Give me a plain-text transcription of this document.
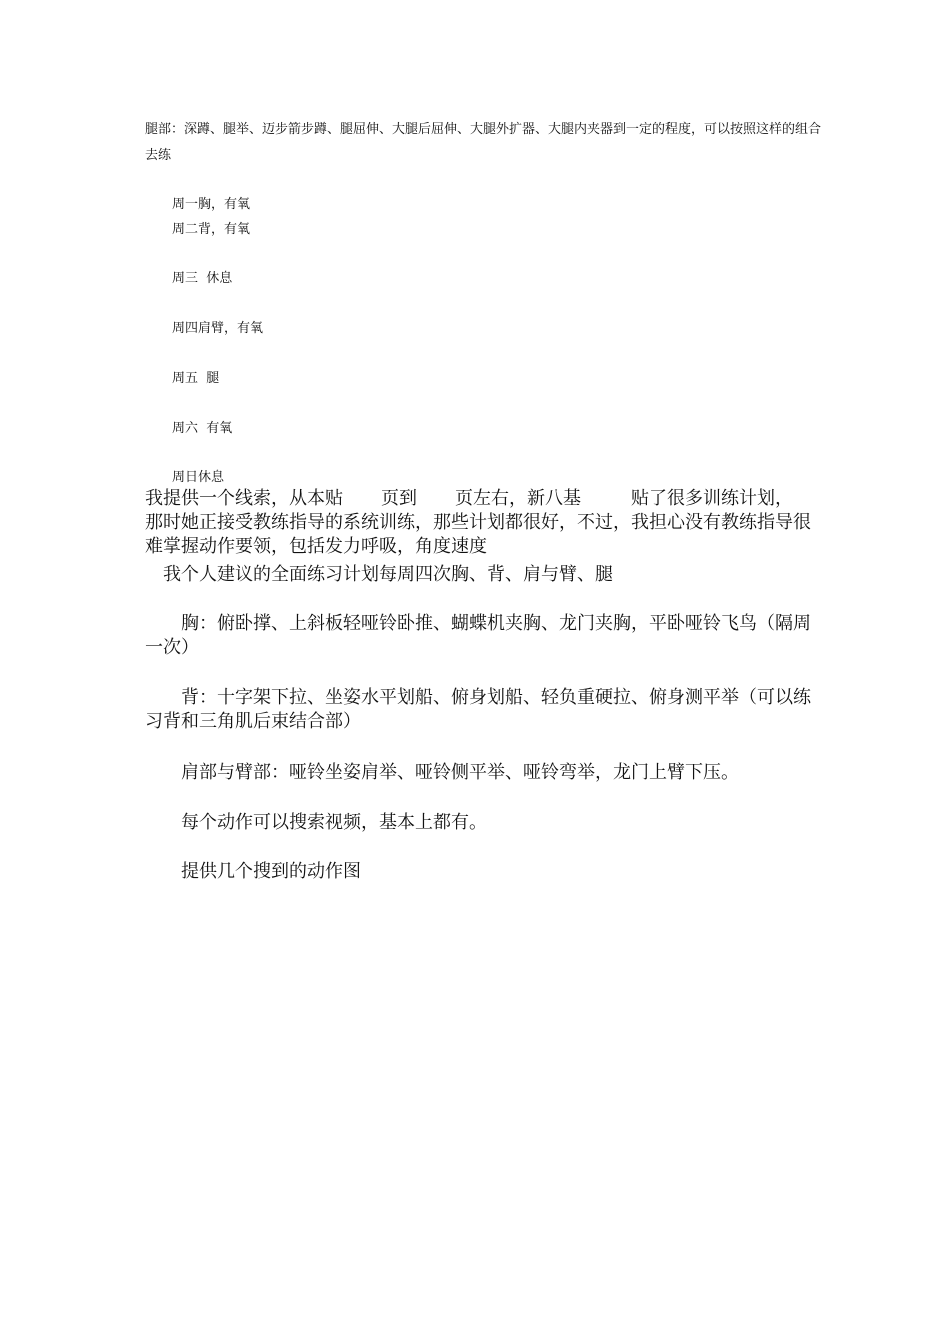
腿部：深蹲、腿举、迈步箭步蹲、腿屈伸、大腿后屈伸、大腿外扩器、大腿内夹器到一定的程度，可以按照这样的组合去练
周一胸，有氧
周二背，有氧
周三  休息
周四肩臂，有氧
周五  腿
周六  有氧
周日休息
我提供一个线索，从本贴 页到 页左右，新八基	贴了很多训练计划，
那时她正接受教练指导的系统训练，那些计划都很好，不过，我担心没有教练指导很难掌握动作要领，包括发力呼吸，角度速度
我个人建议的全面练习计划每周四次胸、背、肩与臂、腿
胸：俯卧撑、上斜板轻哑铃卧推、蝴蝶机夹胸、龙门夹胸，平卧哑铃飞鸟（隔周一次）
背：十字架下拉、坐姿水平划船、俯身划船、轻负重硬拉、俯身测平举（可以练习背和三角肌后束结合部）
肩部与臂部：哑铃坐姿肩举、哑铃侧平举、哑铃弯举，龙门上臂下压。
每个动作可以搜索视频，基本上都有。
提供几个搜到的动作图
